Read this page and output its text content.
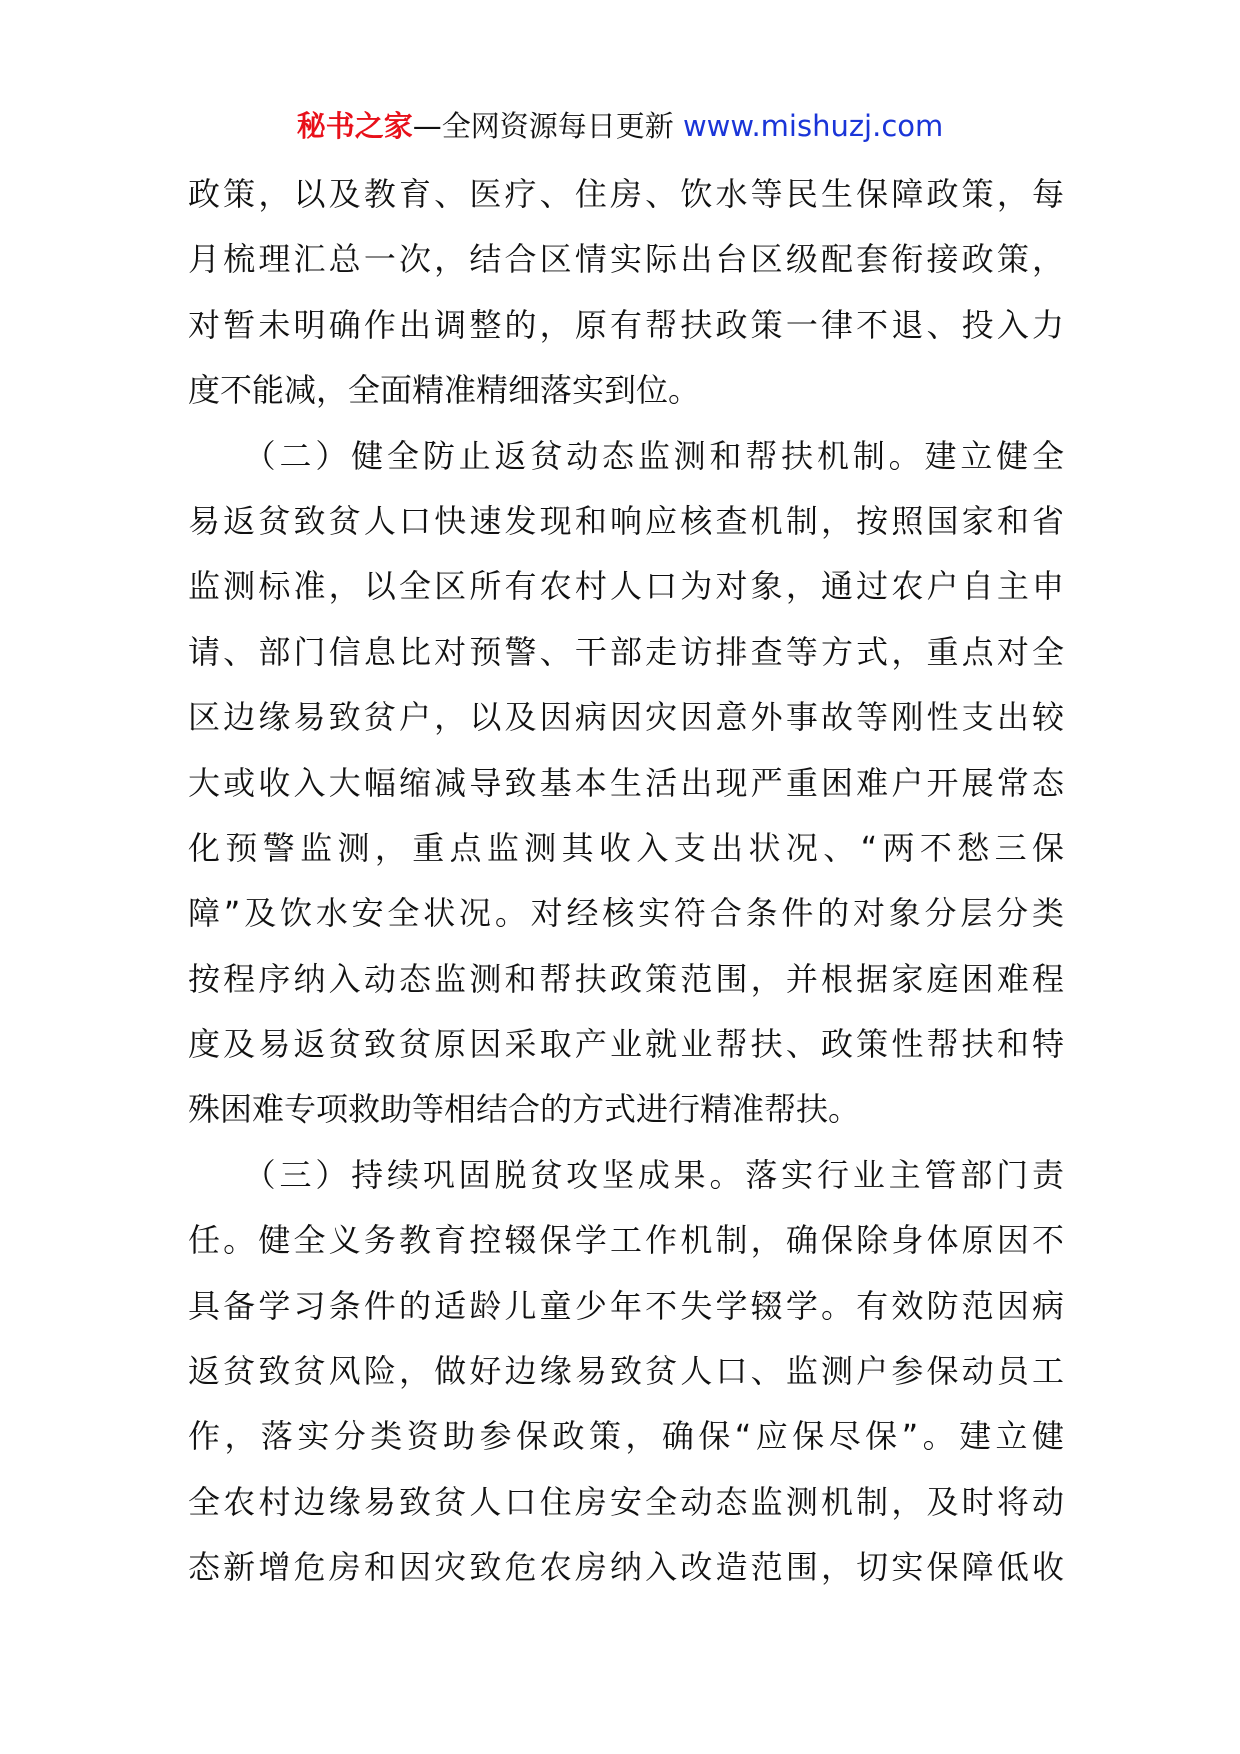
秘书之家—全网资源每日更新 www.mishuzj.com

政策，以及教育、医疗、住房、饮水等民生保障政策，每
月梳理汇总一次，结合区情实际出台区级配套衔接政策，
对暂未明确作出调整的，原有帮扶政策一律不退、投入力
度不能减，全面精准精细落实到位。

　　（二）健全防止返贫动态监测和帮扶机制。建立健全
易返贫致贫人口快速发现和响应核查机制，按照国家和省
监测标准，以全区所有农村人口为对象，通过农户自主申
请、部门信息比对预警、干部走访排查等方式，重点对全
区边缘易致贫户，以及因病因灾因意外事故等刚性支出较
大或收入大幅缩减导致基本生活出现严重困难户开展常态
化预警监测，重点监测其收入支出状况、“两不愁三保
障”及饮水安全状况。对经核实符合条件的对象分层分类
按程序纳入动态监测和帮扶政策范围，并根据家庭困难程
度及易返贫致贫原因采取产业就业帮扶、政策性帮扶和特
殊困难专项救助等相结合的方式进行精准帮扶。

　　（三）持续巩固脱贫攻坚成果。落实行业主管部门责
任。健全义务教育控辍保学工作机制，确保除身体原因不
具备学习条件的适龄儿童少年不失学辍学。有效防范因病
返贫致贫风险，做好边缘易致贫人口、监测户参保动员工
作，落实分类资助参保政策，确保“应保尽保”。建立健
全农村边缘易致贫人口住房安全动态监测机制，及时将动
态新增危房和因灾致危农房纳入改造范围，切实保障低收
